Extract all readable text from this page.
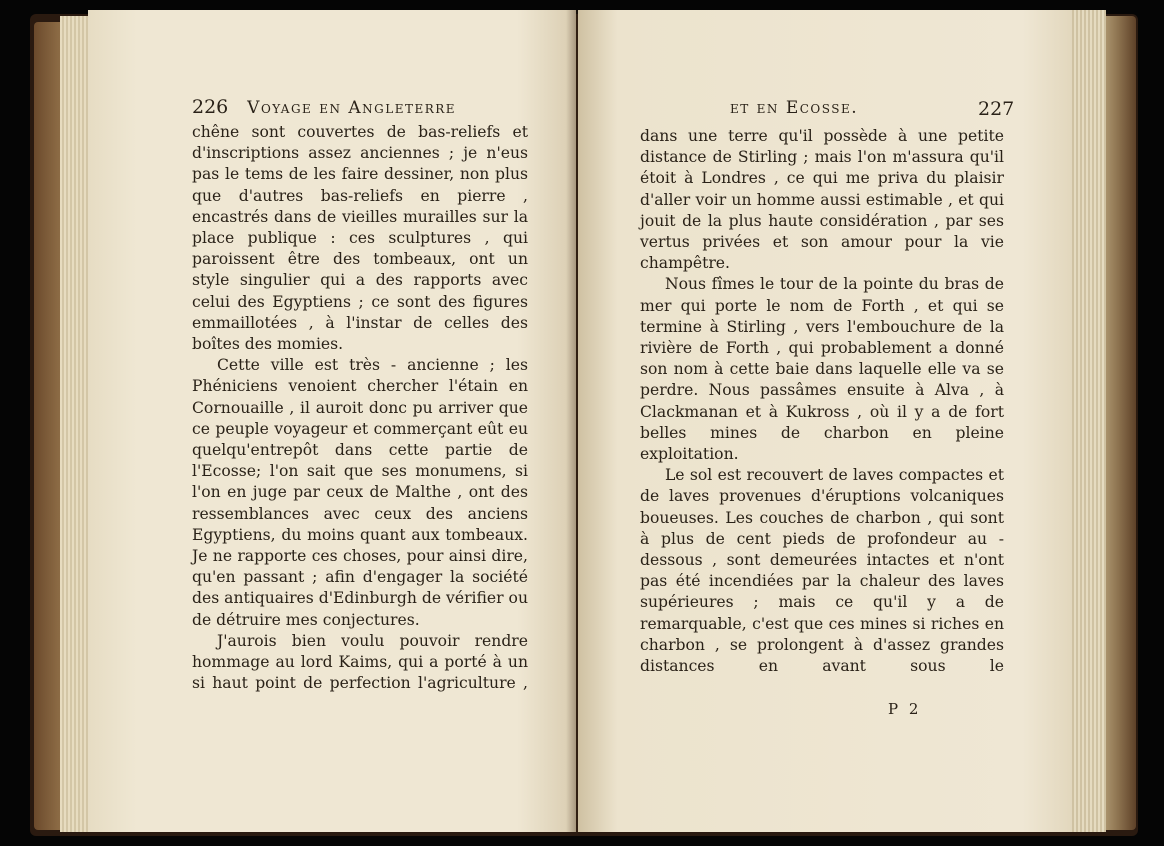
226 Voyage en Angleterre

chêne sont couvertes de bas-reliefs et d'inscriptions assez anciennes ; je n'eus pas le tems de les faire dessiner, non plus que d'autres bas-reliefs en pierre , encastrés dans de vieilles murailles sur la place publique : ces sculptures , qui paroissent être des tombeaux, ont un style singulier qui a des rapports avec celui des Egyptiens ; ce sont des figures emmaillotées , à l'instar de celles des boîtes des momies.

Cette ville est très - ancienne ; les Phéniciens venoient chercher l'étain en Cornouaille , il auroit donc pu arriver que ce peuple voyageur et commerçant eût eu quelqu'entrepôt dans cette partie de l'Ecosse; l'on sait que ses monumens, si l'on en juge par ceux de Malthe , ont des ressemblances avec ceux des anciens Egyptiens, du moins quant aux tombeaux. Je ne rapporte ces choses, pour ainsi dire, qu'en passant ; afin d'engager la société des antiquaires d'Edinburgh de vérifier ou de détruire mes conjectures.

J'aurois bien voulu pouvoir rendre hommage au lord Kaims, qui a porté à un si haut point de perfection l'agriculture ,

et en Ecosse.	227

dans une terre qu'il possède à une petite distance de Stirling ; mais l'on m'assura qu'il étoit à Londres , ce qui me priva du plaisir d'aller voir un homme aussi estimable , et qui jouit de la plus haute considération , par ses vertus privées et son amour pour la vie champêtre.

Nous fîmes le tour de la pointe du bras de mer qui porte le nom de Forth , et qui se termine à Stirling , vers l'embouchure de la rivière de Forth , qui probablement a donné son nom à cette baie dans laquelle elle va se perdre. Nous passâmes ensuite à Alva , à Clackmanan et à Kukross , où il y a de fort belles mines de charbon en pleine exploitation.

Le sol est recouvert de laves compactes et de laves provenues d'éruptions volcaniques boueuses. Les couches de charbon , qui sont à plus de cent pieds de profondeur au - dessous , sont demeurées intactes et n'ont pas été incendiées par la chaleur des laves supérieures ; mais ce qu'il y a de remarquable, c'est que ces mines si riches en charbon , se prolongent à d'assez grandes distances en avant sous le

P 2
